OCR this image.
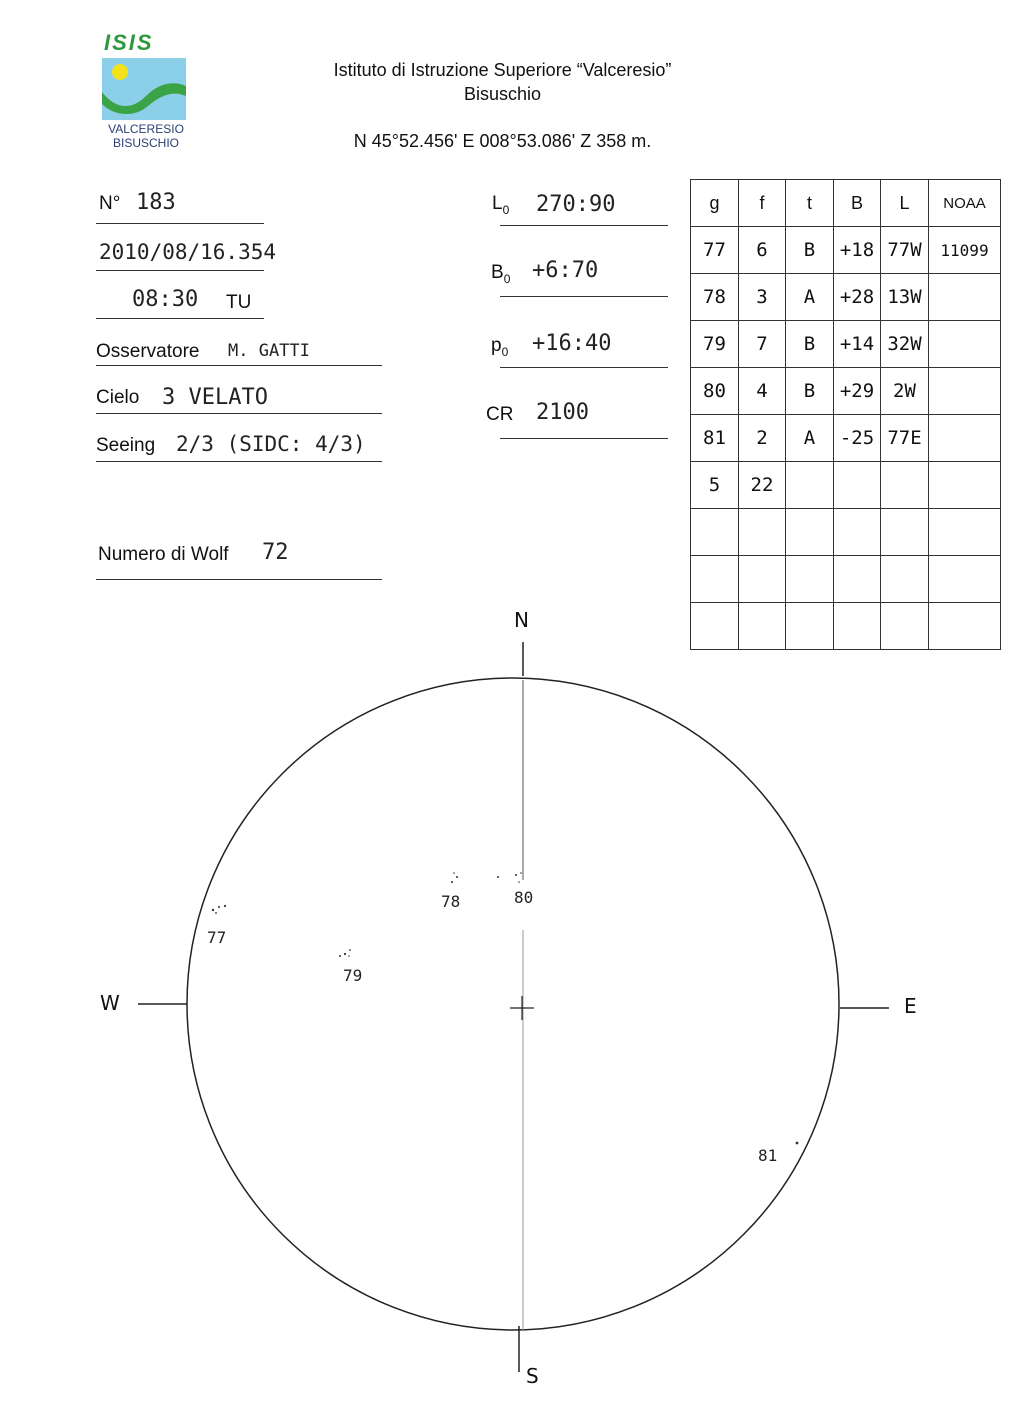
ISIS
VALCERESIO
BISUSCHIO
Istituto di Istruzione Superiore “Valceresio”
Bisuschio
N 45°52.456' E 008°53.086' Z 358 m.
N° 183
2010/08/16.354
08:30 TU
Osservatore M. GATTI
Cielo 3 VELATO
Seeing 2/3 (SIDC: 4/3)
Numero di Wolf 72
$L_0$ 270:90
$B_0$ +6:70
$p_0$ +16:40
CR 2100
g	f	t	B	L	NOAA
77	6	B	+18	77W	11099
78	3	A	+28	13W	
79	7	B	+14	32W	
80	4	B	+29	2W	
81	2	A	-25	77E	
5	22				

N
S
E
W
77
78
79
80
81
